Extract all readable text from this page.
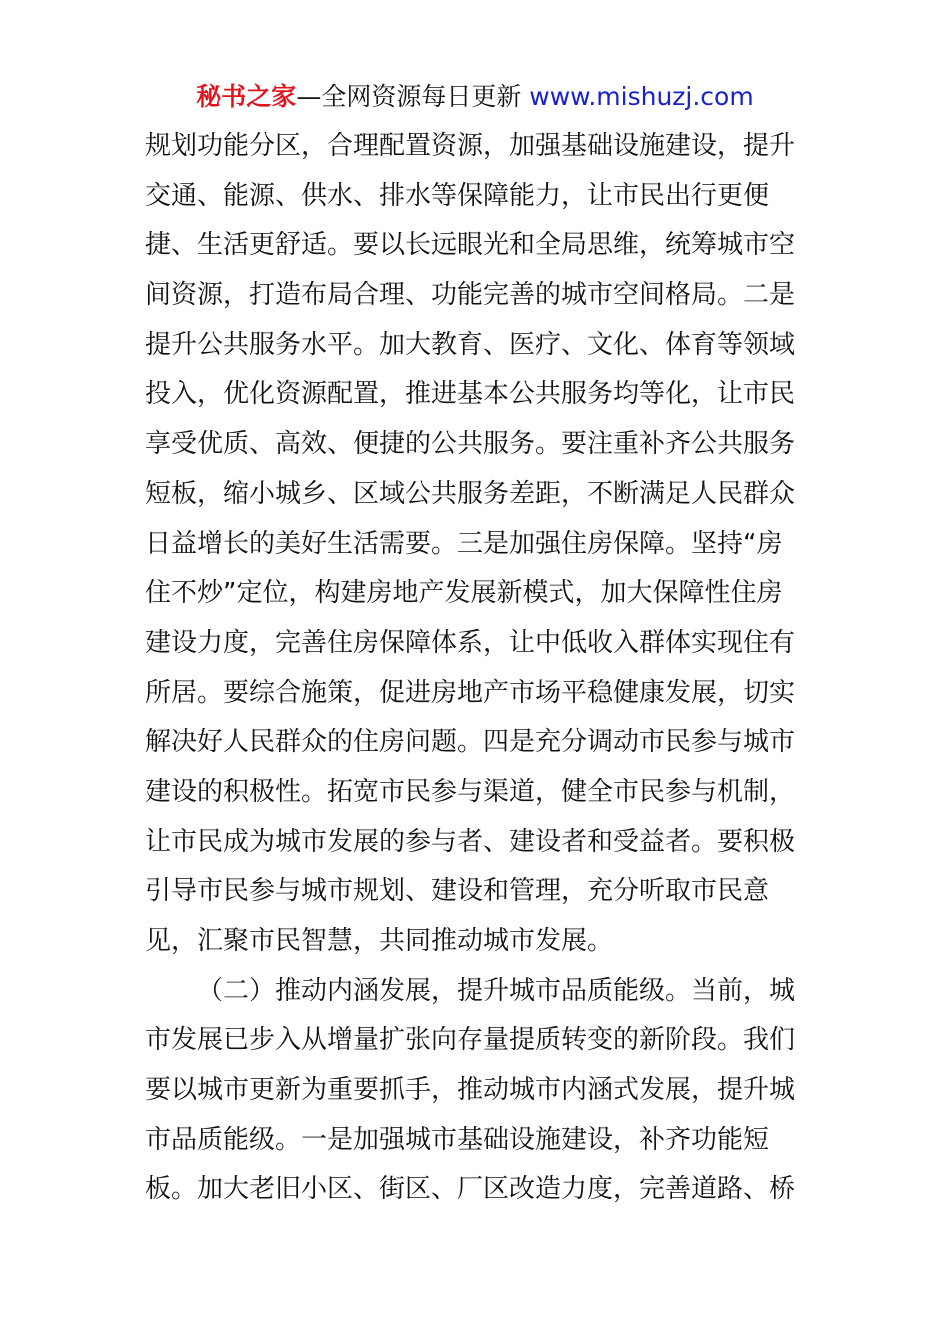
秘书之家—全网资源每日更新 www.mishuzj.com
规划功能分区，合理配置资源，加强基础设施建设，提升
交通、能源、供水、排水等保障能力，让市民出行更便
捷、生活更舒适。要以长远眼光和全局思维，统筹城市空
间资源，打造布局合理、功能完善的城市空间格局。二是
提升公共服务水平。加大教育、医疗、文化、体育等领域
投入，优化资源配置，推进基本公共服务均等化，让市民
享受优质、高效、便捷的公共服务。要注重补齐公共服务
短板，缩小城乡、区域公共服务差距，不断满足人民群众
日益增长的美好生活需要。三是加强住房保障。坚持“房
住不炒”定位，构建房地产发展新模式，加大保障性住房
建设力度，完善住房保障体系，让中低收入群体实现住有
所居。要综合施策，促进房地产市场平稳健康发展，切实
解决好人民群众的住房问题。四是充分调动市民参与城市
建设的积极性。拓宽市民参与渠道，健全市民参与机制，
让市民成为城市发展的参与者、建设者和受益者。要积极
引导市民参与城市规划、建设和管理，充分听取市民意
见，汇聚市民智慧，共同推动城市发展。
（二）推动内涵发展，提升城市品质能级。当前，城
市发展已步入从增量扩张向存量提质转变的新阶段。我们
要以城市更新为重要抓手，推动城市内涵式发展，提升城
市品质能级。一是加强城市基础设施建设，补齐功能短
板。加大老旧小区、街区、厂区改造力度，完善道路、桥
